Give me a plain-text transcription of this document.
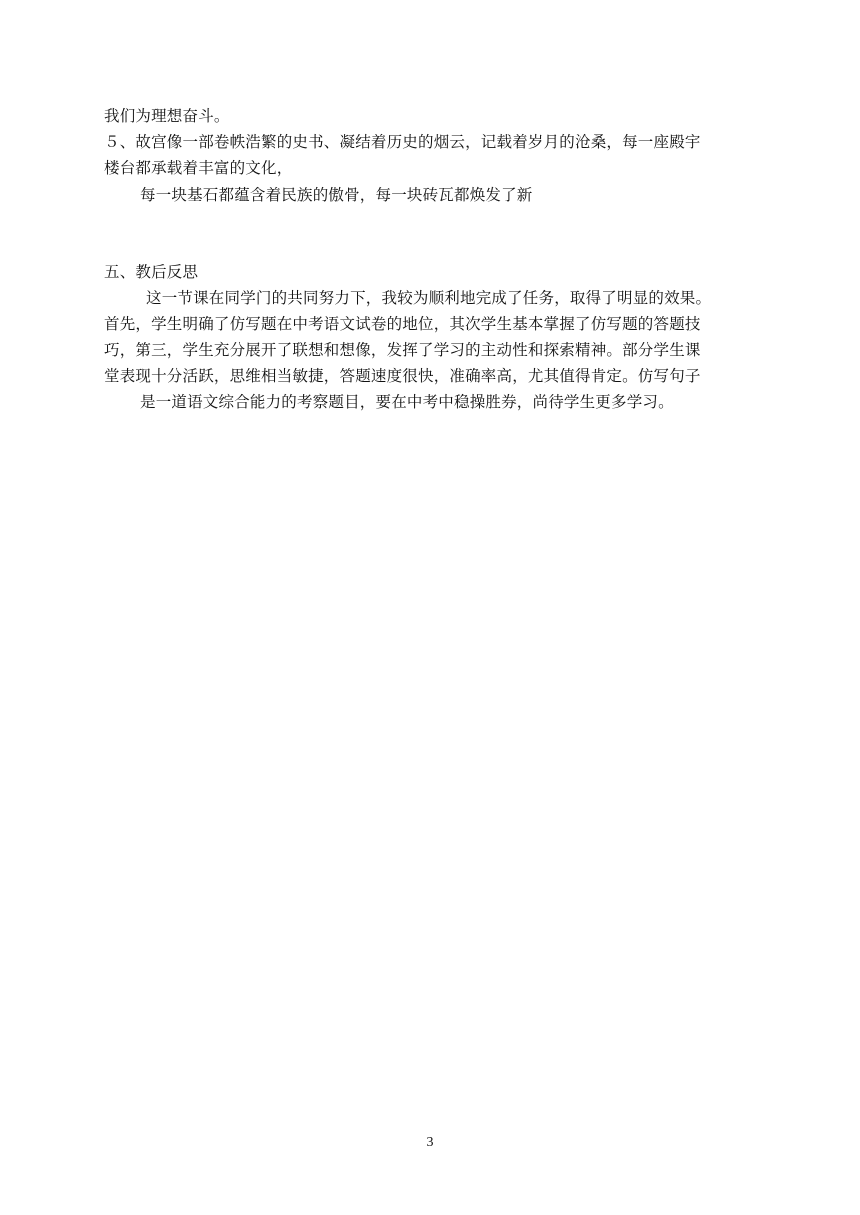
我们为理想奋斗。
５、故宫像一部卷帙浩繁的史书、凝结着历史的烟云，记载着岁月的沧桑，每一座殿宇
楼台都承载着丰富的文化，
每一块基石都蕴含着民族的傲骨，每一块砖瓦都焕发了新
五、教后反思
这一节课在同学门的共同努力下，我较为顺利地完成了任务，取得了明显的效果。
首先，学生明确了仿写题在中考语文试卷的地位，其次学生基本掌握了仿写题的答题技
巧，第三，学生充分展开了联想和想像，发挥了学习的主动性和探索精神。部分学生课
堂表现十分活跃，思维相当敏捷，答题速度很快，准确率高，尤其值得肯定。仿写句子
是一道语文综合能力的考察题目，要在中考中稳操胜券，尚待学生更多学习。
3
